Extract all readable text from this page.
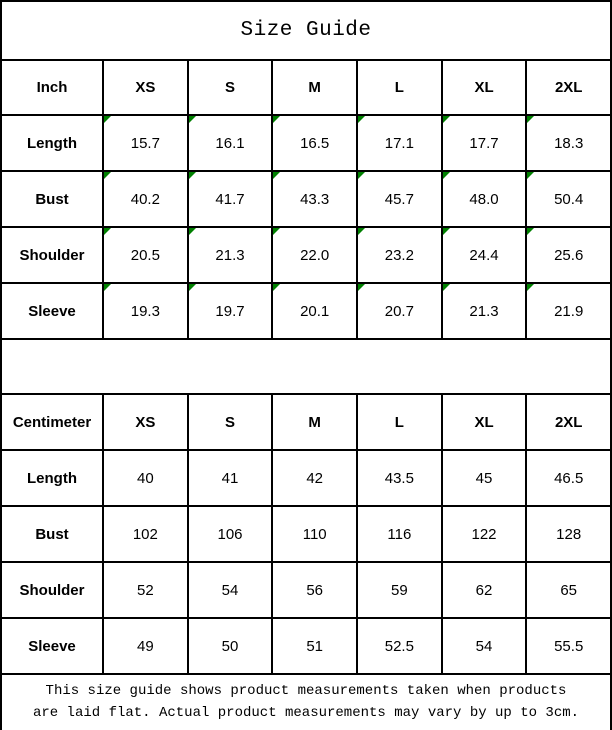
Size Guide
Inch	XS	S	M	L	XL	2XL
Length	15.7	16.1	16.5	17.1	17.7	18.3
Bust	40.2	41.7	43.3	45.7	48.0	50.4
Shoulder	20.5	21.3	22.0	23.2	24.4	25.6
Sleeve	19.3	19.7	20.1	20.7	21.3	21.9
Centimeter	XS	S	M	L	XL	2XL
Length	40	41	42	43.5	45	46.5
Bust	102	106	110	116	122	128
Shoulder	52	54	56	59	62	65
Sleeve	49	50	51	52.5	54	55.5
This size guide shows product measurements taken when products
are laid flat. Actual product measurements may vary by up to 3cm.
